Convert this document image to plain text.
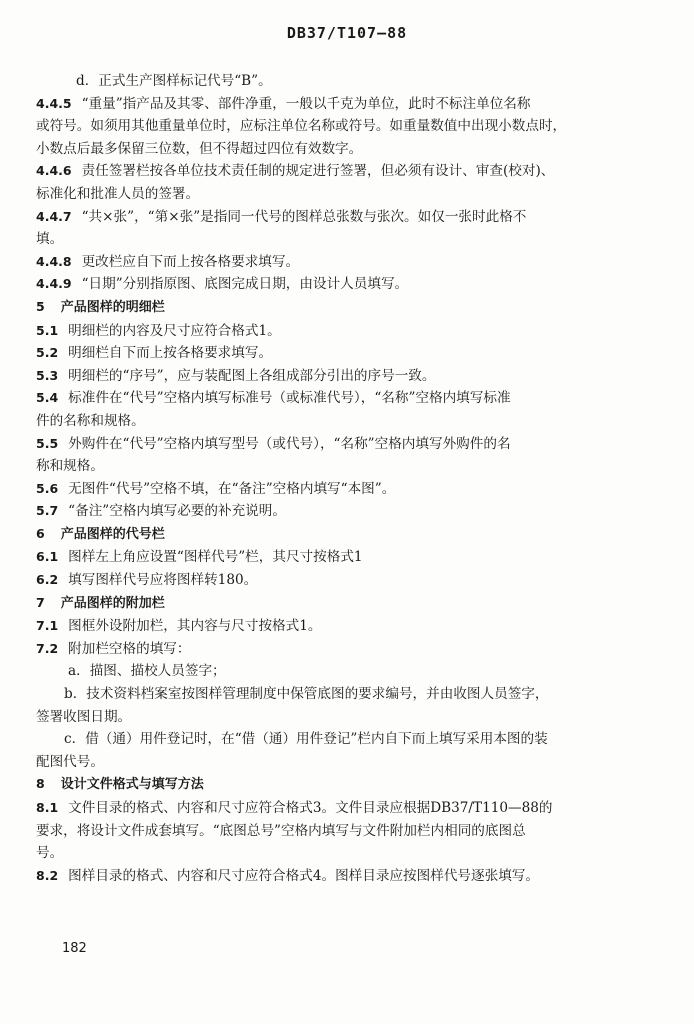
DB37/T107—88
d．正式生产图样标记代号“B”。
4.4.5 “重量”指产品及其零、部件净重，一般以千克为单位，此时不标注单位名称
或符号。如须用其他重量单位时，应标注单位名称或符号。如重量数值中出现小数点时，
小数点后最多保留三位数，但不得超过四位有效数字。
4.4.6 责任签署栏按各单位技术责任制的规定进行签署，但必须有设计、审查(校对)、
标准化和批准人员的签署。
4.4.7 “共×张”，“第×张”是指同一代号的图样总张数与张次。如仅一张时此格不
填。
4.4.8 更改栏应自下而上按各格要求填写。
4.4.9 “日期”分别指原图、底图完成日期，由设计人员填写。
5 产品图样的明细栏
5.1 明细栏的内容及尺寸应符合格式1。
5.2 明细栏自下而上按各格要求填写。
5.3 明细栏的“序号”，应与装配图上各组成部分引出的序号一致。
5.4 标准件在“代号”空格内填写标准号（或标准代号），“名称”空格内填写标准
件的名称和规格。
5.5 外购件在“代号”空格内填写型号（或代号），“名称”空格内填写外购件的名
称和规格。
5.6 无图件“代号”空格不填，在“备注”空格内填写“本图”。
5.7 “备注”空格内填写必要的补充说明。
6 产品图样的代号栏
6.1 图样左上角应设置“图样代号”栏，其尺寸按格式1
6.2 填写图样代号应将图样转180。
7 产品图样的附加栏
7.1 图框外设附加栏，其内容与尺寸按格式1。
7.2 附加栏空格的填写：
a．描图、描校人员签字；
b．技术资料档案室按图样管理制度中保管底图的要求编号，并由收图人员签字，
签署收图日期。
c．借（通）用件登记时，在“借（通）用件登记”栏内自下而上填写采用本图的装
配图代号。
8 设计文件格式与填写方法
8.1 文件目录的格式、内容和尺寸应符合格式3。文件目录应根据DB37/T110—88的
要求，将设计文件成套填写。“底图总号”空格内填写与文件附加栏内相同的底图总
号。
8.2 图样目录的格式、内容和尺寸应符合格式4。图样目录应按图样代号逐张填写。
182
